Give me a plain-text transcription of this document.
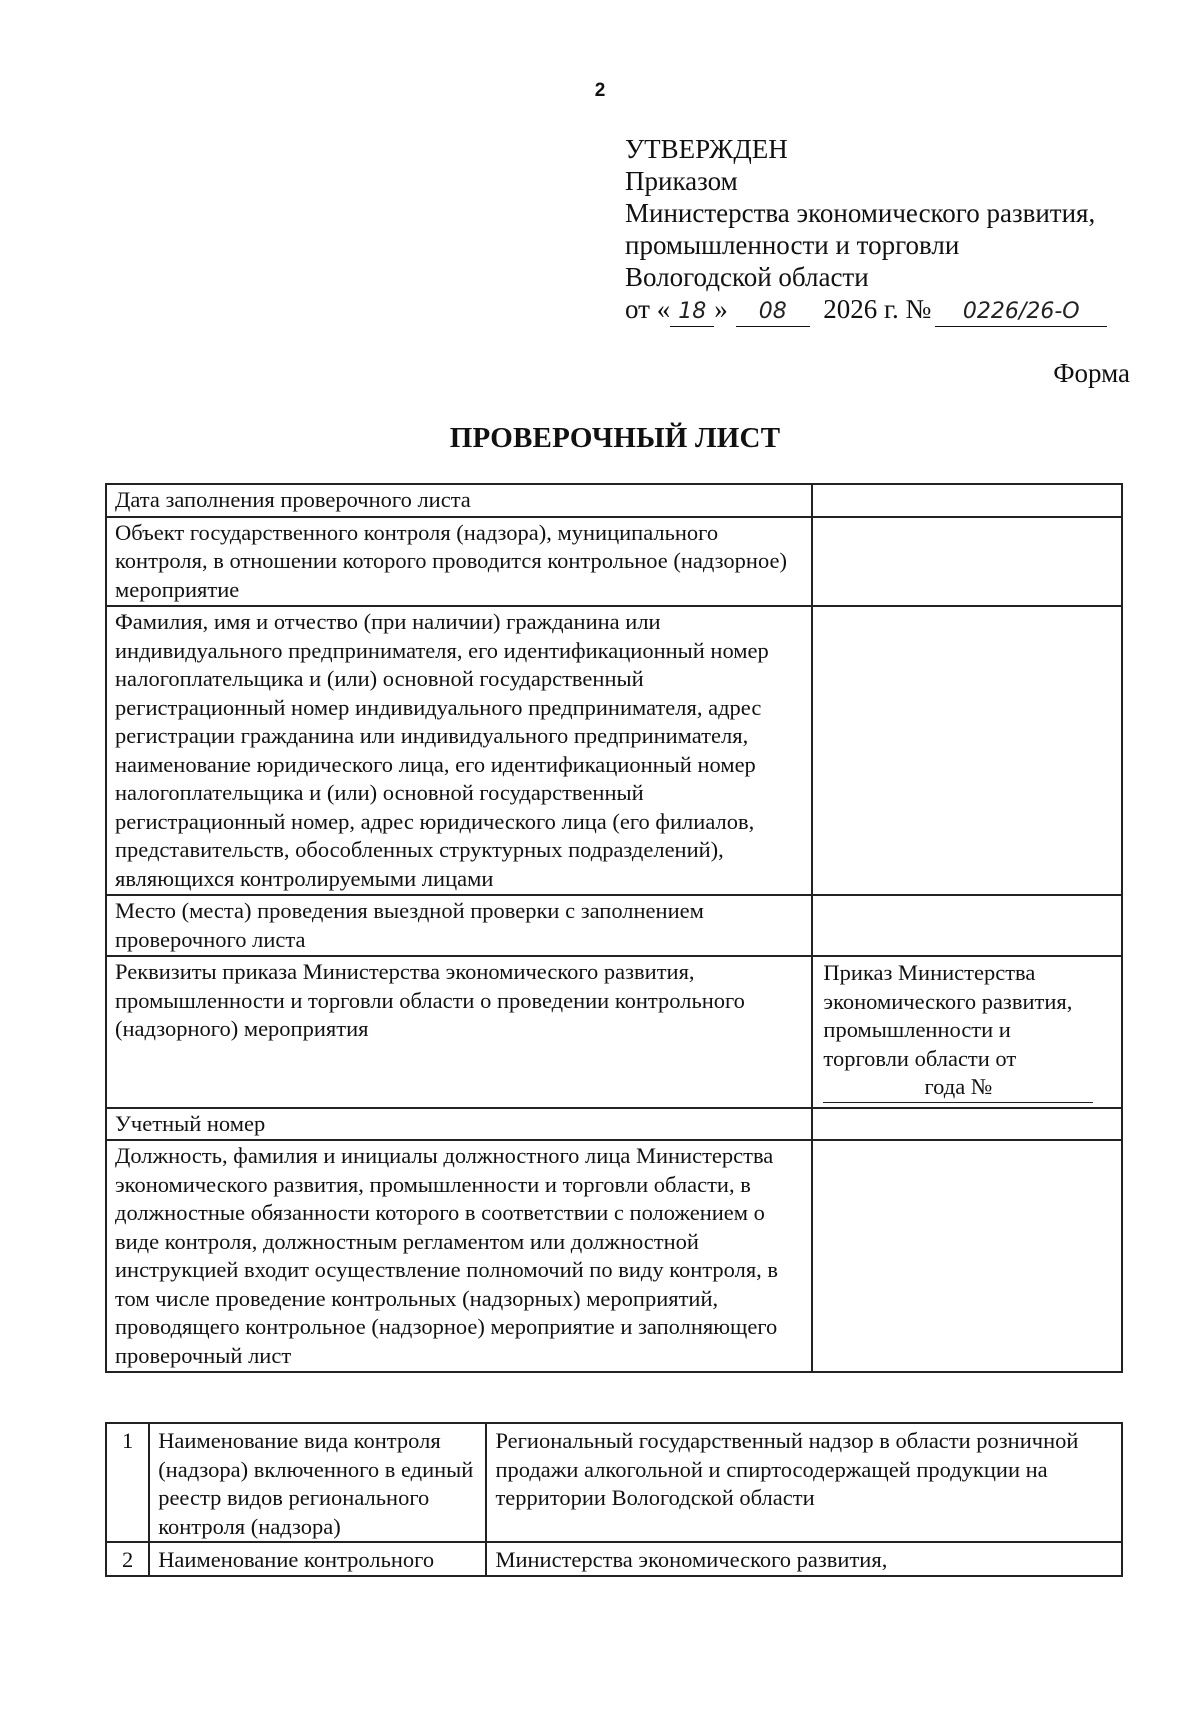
2
УТВЕРЖДЕН
Приказом
Министерства экономического развития,
промышленности и торговли
Вологодской области
от « 18 » 08 2026 г. № 0226/26-О
Форма
ПРОВЕРОЧНЫЙ ЛИСТ
Дата заполнения проверочного листа	
Объект государственного контроля (надзора), муниципального контроля, в отношении которого проводится контрольное (надзорное) мероприятие	
Фамилия, имя и отчество (при наличии) гражданина или индивидуального предпринимателя, его идентификационный номер налогоплательщика и (или) основной государственный регистрационный номер индивидуального предпринимателя, адрес регистрации гражданина или индивидуального предпринимателя, наименование юридического лица, его идентификационный номер налогоплательщика и (или) основной государственный регистрационный номер, адрес юридического лица (его филиалов, представительств, обособленных структурных подразделений), являющихся контролируемыми лицами	
Место (места) проведения выездной проверки с заполнением проверочного листа	
Реквизиты приказа Министерства экономического развития, промышленности и торговли области о проведении контрольного (надзорного) мероприятия	Приказ Министерства
экономического развития,
промышленности и
торговли области от
года №

Учетный номер	
Должность, фамилия и инициалы должностного лица Министерства экономического развития, промышленности и торговли области, в должностные обязанности которого в соответствии с положением о виде контроля, должностным регламентом или должностной инструкцией входит осуществление полномочий по виду контроля, в том числе проведение контрольных (надзорных) мероприятий, проводящего контрольное (надзорное) мероприятие и заполняющего проверочный лист	
1	Наименование вида контроля (надзора) включенного в единый реестр видов регионального контроля (надзора)	Региональный государственный надзор в области розничной продажи алкогольной и спиртосодержащей продукции на территории Вологодской области
2	Наименование контрольного	Министерства экономического развития,
